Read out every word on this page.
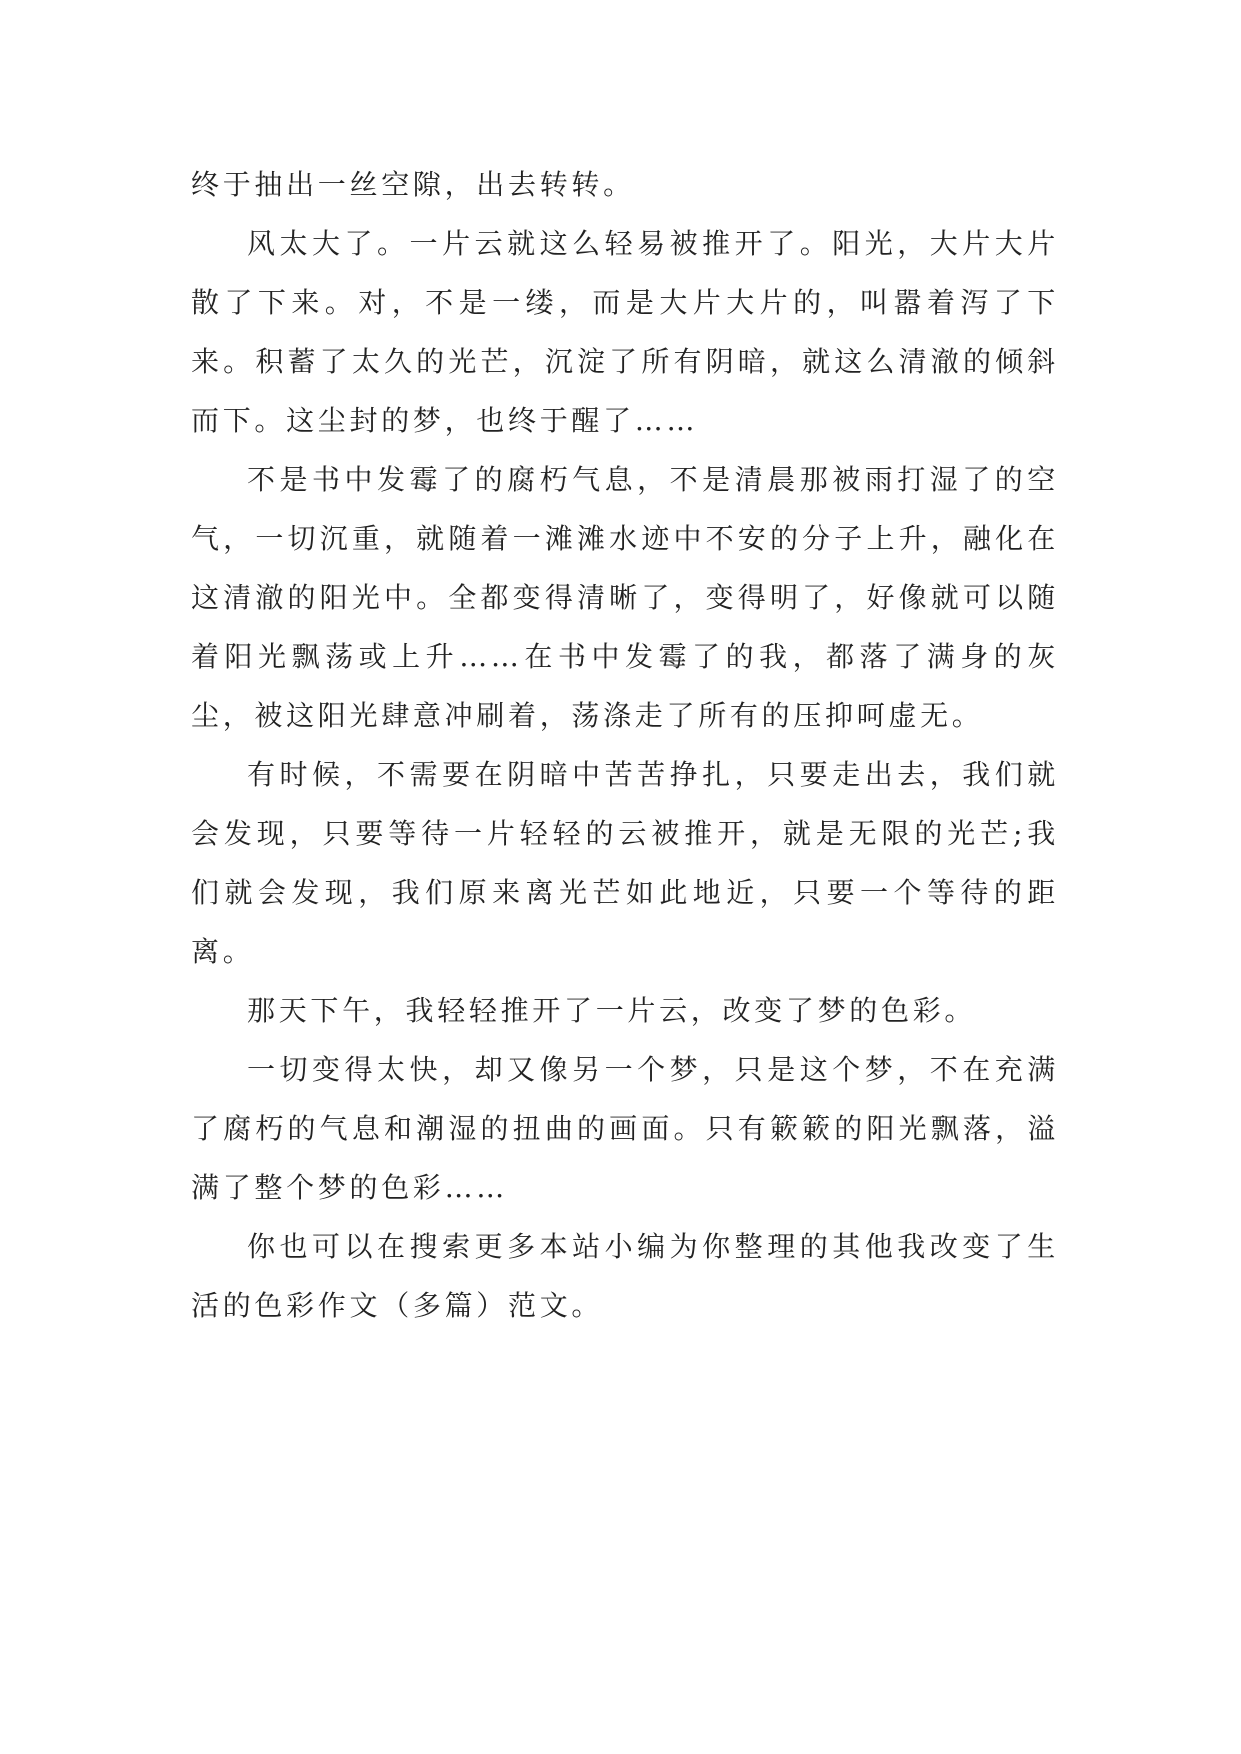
终于抽出一丝空隙，出去转转。

风太大了。一片云就这么轻易被推开了。阳光，大片大片散了下来。对，不是一缕，而是大片大片的，叫嚣着泻了下来。积蓄了太久的光芒，沉淀了所有阴暗，就这么清澈的倾斜而下。这尘封的梦，也终于醒了……

不是书中发霉了的腐朽气息，不是清晨那被雨打湿了的空气，一切沉重，就随着一滩滩水迹中不安的分子上升，融化在这清澈的阳光中。全都变得清晰了，变得明了，好像就可以随着阳光飘荡或上升……在书中发霉了的我，都落了满身的灰尘，被这阳光肆意冲刷着，荡涤走了所有的压抑呵虚无。

有时候，不需要在阴暗中苦苦挣扎，只要走出去，我们就会发现，只要等待一片轻轻的云被推开，就是无限的光芒;我们就会发现，我们原来离光芒如此地近，只要一个等待的距离。

那天下午，我轻轻推开了一片云，改变了梦的色彩。

一切变得太快，却又像另一个梦，只是这个梦，不在充满了腐朽的气息和潮湿的扭曲的画面。只有簌簌的阳光飘落，溢满了整个梦的色彩……

你也可以在搜索更多本站小编为你整理的其他我改变了生活的色彩作文（多篇）范文。
